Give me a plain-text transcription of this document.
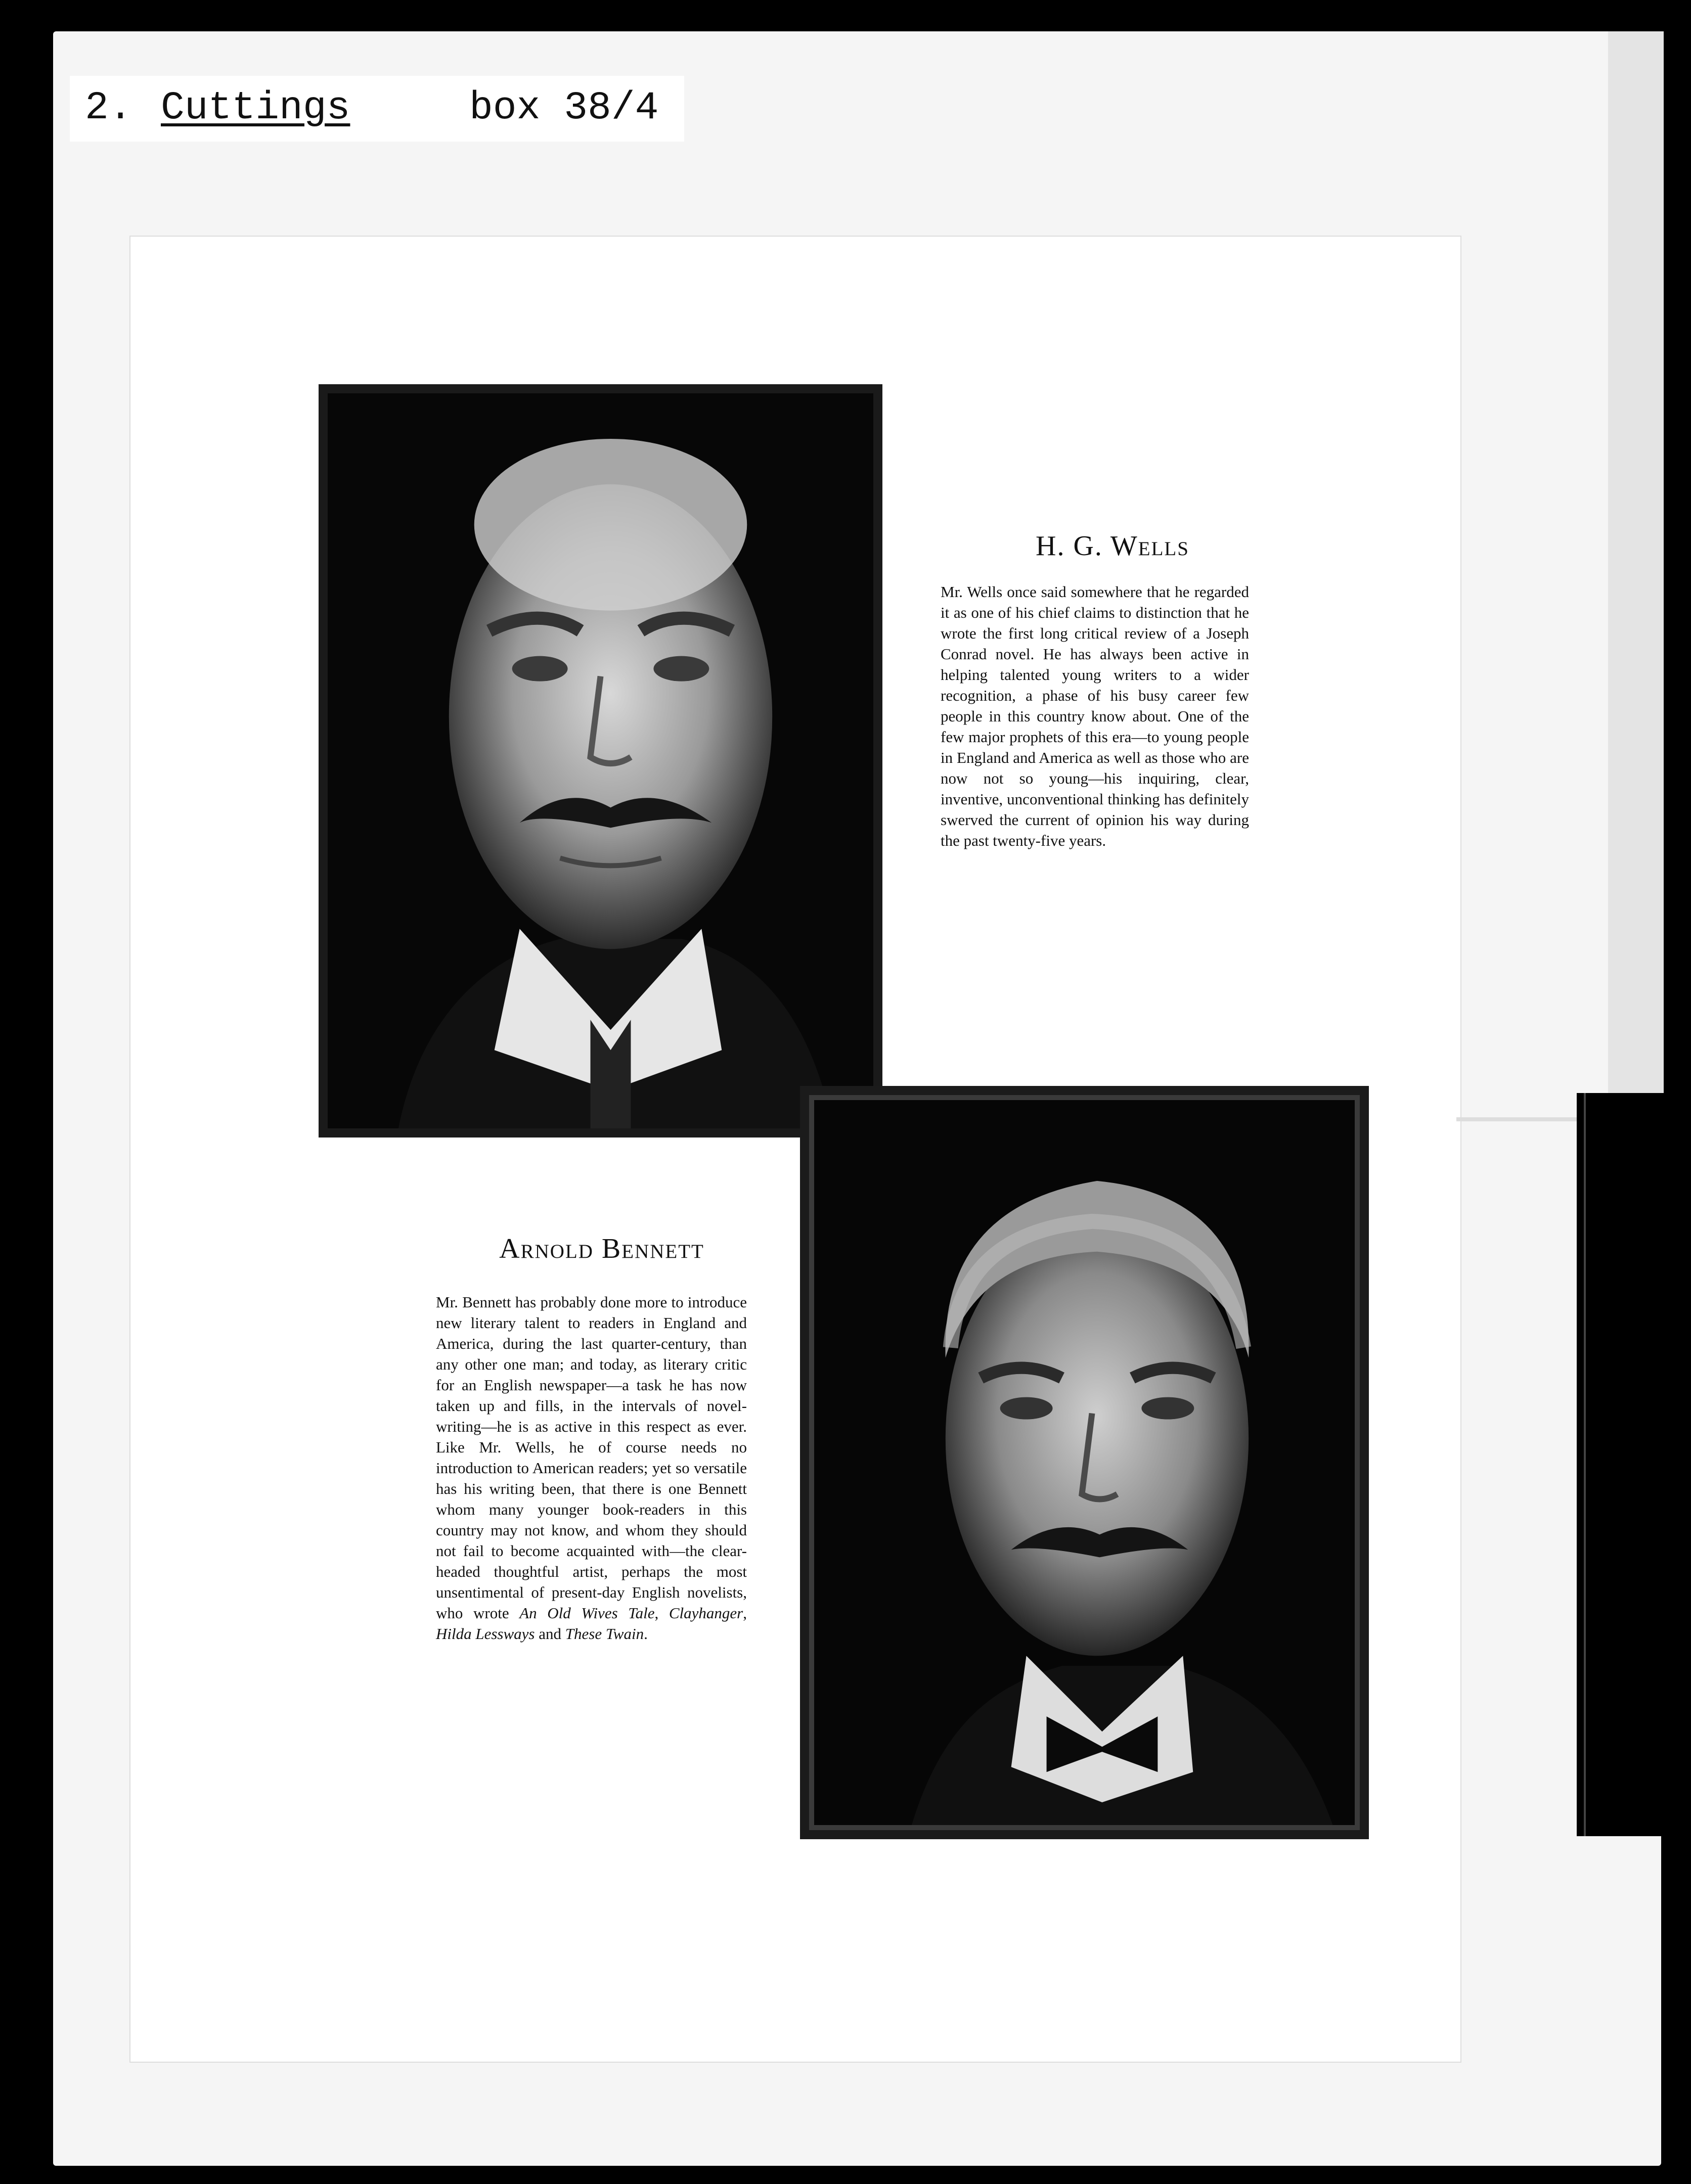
2.

Cuttings

	box 38/4

H. G. Wells
Mr. Wells once said somewhere that he regarded it as one of his chief claims to distinction that he wrote the first long critical review of a Joseph Conrad novel. He has always been active in helping talented young writers to a wider recognition, a phase of his busy career few people in this country know about. One of the few major prophets of this era—to young people in England and America as well as those who are now not so young—his inquiring, clear, inventive, unconventional thinking has definitely swerved the current of opinion his way during the past twenty-five years.
Arnold Bennett
Mr. Bennett has probably done more to introduce new literary talent to readers in England and America, during the last quarter-century, than any other one man; and today, as literary critic for an English newspaper—a task he has now taken up and fills, in the intervals of novel-writing—he is as active in this respect as ever. Like Mr. Wells, he of course needs no introduction to American readers; yet so versatile has his writing been, that there is one Bennett whom many younger book-readers in this country may not know, and whom they should not fail to become acquainted with—the clear-headed thoughtful artist, perhaps the most unsentimental of present-day English novelists, who wrote An Old Wives Tale, Clayhanger, Hilda Lessways and These Twain.
